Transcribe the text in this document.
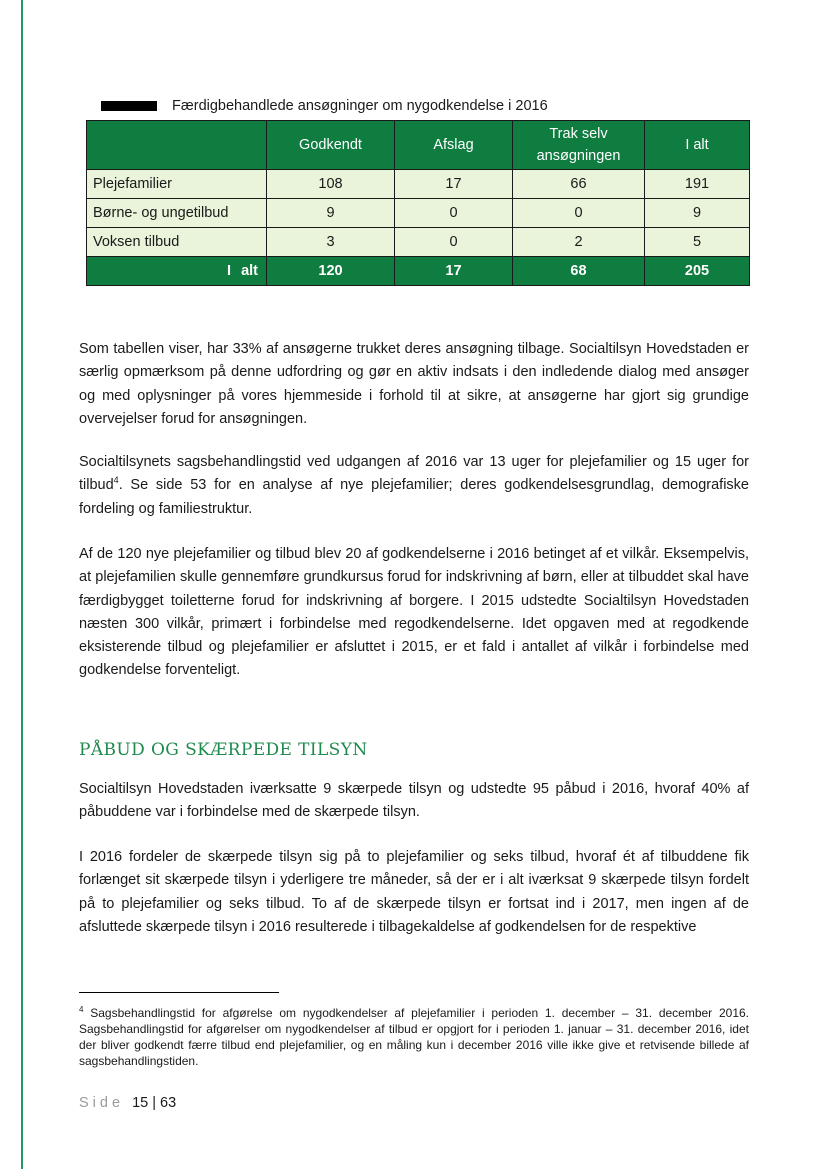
Færdigbehandlede ansøgninger om nygodkendelse i 2016
	Godkendt	Afslag	Trak selv ansøgningen	I alt
Plejefamilier	108	17	66	191
Børne- og ungetilbud	9	0	0	9
Voksen tilbud	3	0	2	5
I alt	120	17	68	205

Som tabellen viser, har 33% af ansøgerne trukket deres ansøgning tilbage. Socialtilsyn Hovedstaden er særlig opmærksom på denne udfordring og gør en aktiv indsats i den indledende dialog med ansøger og med oplysninger på vores hjemmeside i forhold til at sikre, at ansøgerne har gjort sig grundige overvejelser forud for ansøgningen.

Socialtilsynets sagsbehandlingstid ved udgangen af 2016 var 13 uger for plejefamilier og 15 uger for tilbud$^4$. Se side 53 for en analyse af nye plejefamilier; deres godkendelsesgrundlag, demografiske fordeling og familiestruktur.

Af de 120 nye plejefamilier og tilbud blev 20 af godkendelserne i 2016 betinget af et vilkår. Eksempelvis, at plejefamilien skulle gennemføre grundkursus forud for indskrivning af børn, eller at tilbuddet skal have færdigbygget toiletterne forud for indskrivning af borgere. I 2015 udstedte Socialtilsyn Hovedstaden næsten 300 vilkår, primært i forbindelse med regodkendelserne. Idet opgaven med at regodkende eksisterende tilbud og plejefamilier er afsluttet i 2015, er et fald i antallet af vilkår i forbindelse med godkendelse forventeligt.

PÅBUD OG SKÆRPEDE TILSYN

Socialtilsyn Hovedstaden iværksatte 9 skærpede tilsyn og udstedte 95 påbud i 2016, hvoraf 40% af påbuddene var i forbindelse med de skærpede tilsyn.

I 2016 fordeler de skærpede tilsyn sig på to plejefamilier og seks tilbud, hvoraf ét af tilbuddene fik forlænget sit skærpede tilsyn i yderligere tre måneder, så der er i alt iværksat 9 skærpede tilsyn fordelt på to plejefamilier og seks tilbud. To af de skærpede tilsyn er fortsat ind i 2017, men ingen af de afsluttede skærpede tilsyn i 2016 resulterede i tilbagekaldelse af godkendelsen for de respektive

$^4$ Sagsbehandlingstid for afgørelse om nygodkendelser af plejefamilier i perioden 1. december – 31. december 2016. Sagsbehandlingstid for afgørelser om nygodkendelser af tilbud er opgjort for i perioden 1. januar – 31. december 2016, idet der bliver godkendt færre tilbud end plejefamilier, og en måling kun i december 2016 ville ikke give et retvisende billede af sagsbehandlingstiden.

Side 15 | 63
